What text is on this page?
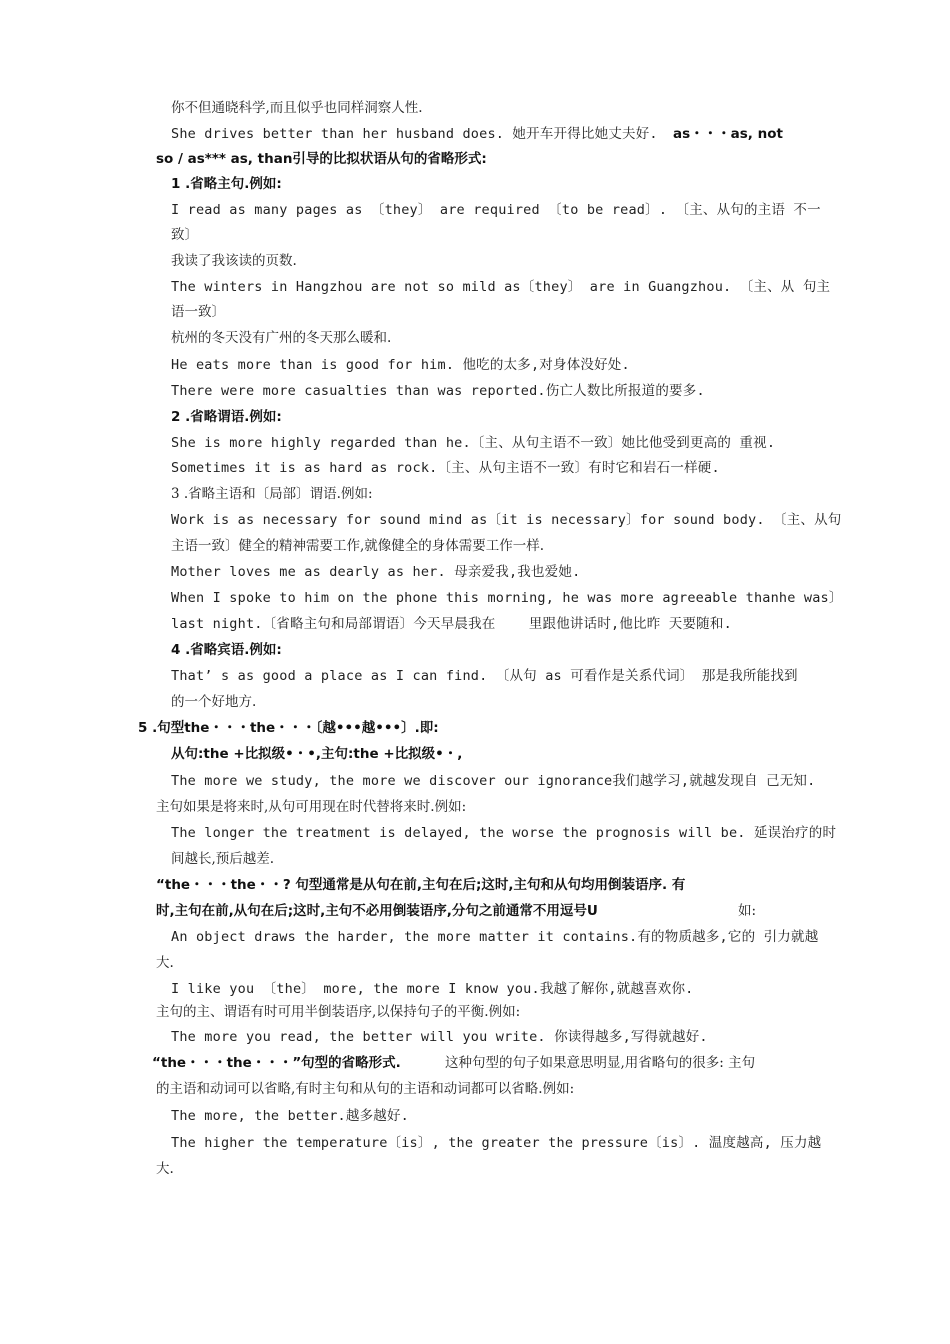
你不但通晓科学,而且似乎也同样洞察人性.
She drives better than her husband does. 她开车开得比她丈夫好. as・・・as, not
so / as*** as, than引导的比拟状语从句的省略形式:
1 .省略主句.例如:
I read as many pages as 〔they〕 are required 〔to be read〕. 〔主、从句的主语 不一
致〕
我读了我该读的页数.
The winters in Hangzhou are not so mild as〔they〕 are in Guangzhou. 〔主、从 句主
语一致〕
杭州的冬天没有广州的冬天那么暖和.
He eats more than is good for him. 他吃的太多,对身体没好处.
There were more casualties than was reported.伤亡人数比所报道的要多.
2 .省略谓语.例如:
She is more highly regarded than he.〔主、从句主语不一致〕她比他受到更高的 重视.
Sometimes it is as hard as rock.〔主、从句主语不一致〕有时它和岩石一样硬.
3 .省略主语和〔局部〕谓语.例如:
Work is as necessary for sound mind as〔it is necessary〕for sound body. 〔主、从句
主语一致〕健全的精神需要工作,就像健全的身体需要工作一样.
Mother loves me as dearly as her. 母亲爱我,我也爱她.
When I spoke to him on the phone this morning, he was more agreeable thanhe was〕
last night.〔省略主句和局部谓语〕今天早晨我在    里跟他讲话时,他比昨 天要随和.
4 .省略宾语.例如:
That’ s as good a place as I can find. 〔从句 as 可看作是关系代词〕 那是我所能找到
的一个好地方.
5 .句型the・・・the・・・〔越•••越•••〕.即:
从句:the +比拟级•・•,主句:the +比拟级•・,
The more we study, the more we discover our ignorance我们越学习,就越发现自 己无知.
主句如果是将来时,从句可用现在时代替将来时.例如:
The longer the treatment is delayed, the worse the prognosis will be. 延误治疗的时
间越长,预后越差.
“the・・・the・・? 句型通常是从句在前,主句在后;这时,主句和从句均用倒装语序. 有
时,主句在前,从句在后;这时,主句不必用倒装语序,分句之前通常不用逗号U	如:
An object draws the harder, the more matter it contains.有的物质越多,它的 引力就越
大.
I like you 〔the〕 more, the more I know you.我越了解你,就越喜欢你.
主句的主、谓语有时可用半倒装语序,以保持句子的平衡.例如:
The more you read, the better will you write. 你读得越多,写得就越好.
“the・・・the・・・”句型的省略形式.	这种句型的句子如果意思明显,用省略句的很多: 主句
的主语和动词可以省略,有时主句和从句的主语和动词都可以省略.例如:
The more, the better.越多越好.
The higher the temperature〔is〕, the greater the pressure〔is〕. 温度越高, 压力越
大.
